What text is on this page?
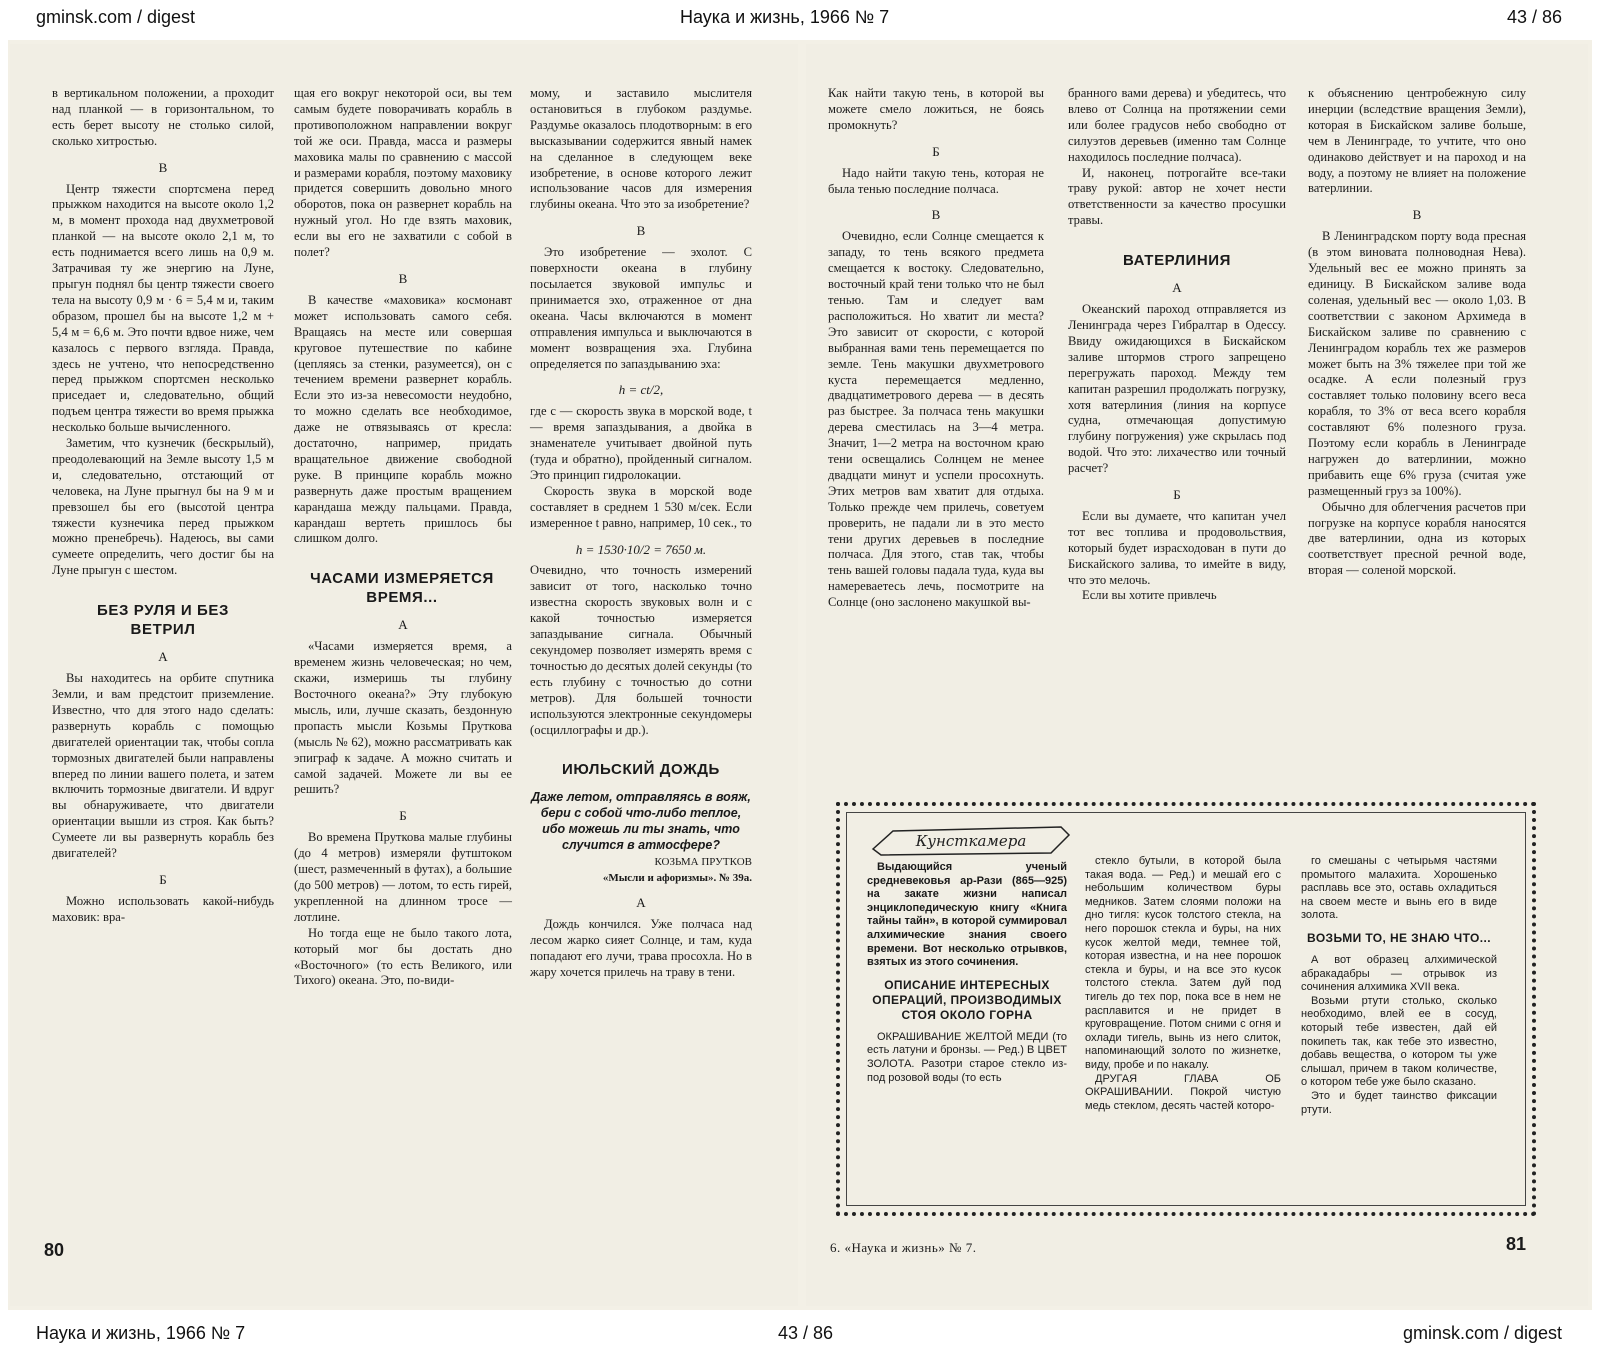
gminsk.com / digest	Наука и жизнь, 1966 № 7	43 / 86

в вертикальном положении, а проходит над планкой — в горизонтальном, то есть берет высоту не столько силой, сколько хитростью.

В

Центр тяжести спортсмена перед прыжком находится на высоте около 1,2 м, в момент прохода над двухметровой планкой — на высоте около 2,1 м, то есть поднимается всего лишь на 0,9 м. Затрачивая ту же энергию на Луне, прыгун поднял бы центр тяжести своего тела на высоту 0,9 м · 6 = 5,4 м и, таким образом, прошел бы на высоте 1,2 м + 5,4 м = 6,6 м. Это почти вдвое ниже, чем казалось с первого взгляда. Правда, здесь не учтено, что непосредственно перед прыжком спортсмен несколько приседает и, следовательно, общий подъем центра тяжести во время прыжка несколько больше вычисленного.

Заметим, что кузнечик (бескрылый), преодолевающий на Земле высоту 1,5 м и, следовательно, отстающий от человека, на Луне прыгнул бы на 9 м и превзошел бы его (высотой центра тяжести кузнечика перед прыжком можно пренебречь). Надеюсь, вы сами сумеете определить, чего достиг бы на Луне прыгун с шестом.

БЕЗ РУЛЯ И БЕЗ ВЕТРИЛ
А

Вы находитесь на орбите спутника Земли, и вам предстоит приземление. Известно, что для этого надо сделать: развернуть корабль с помощью двигателей ориентации так, чтобы сопла тормозных двигателей были направлены вперед по линии вашего полета, и затем включить тормозные двигатели. И вдруг вы обнаруживаете, что двигатели ориентации вышли из строя. Как быть? Сумеете ли вы развернуть корабль без двигателей?

Б

Можно использовать какой-нибудь маховик: вра-

щая его вокруг некоторой оси, вы тем самым будете поворачивать корабль в противоположном направлении вокруг той же оси. Правда, масса и размеры маховика малы по сравнению с массой и размерами корабля, поэтому маховику придется совершить довольно много оборотов, пока он развернет корабль на нужный угол. Но где взять маховик, если вы его не захватили с собой в полет?

В

В качестве «маховика» космонавт может использовать самого себя. Вращаясь на месте или совершая круговое путешествие по кабине (цепляясь за стенки, разумеется), он с течением времени развернет корабль. Если это из-за невесомости неудобно, то можно сделать все необходимое, даже не отвязываясь от кресла: достаточно, например, придать вращательное движение свободной руке. В принципе корабль можно развернуть даже простым вращением карандаша между пальцами. Правда, карандаш вертеть пришлось бы слишком долго.

ЧАСАМИ ИЗМЕРЯЕТСЯ ВРЕМЯ...
А

«Часами измеряется время, а временем жизнь человеческая; но чем, скажи, измеришь ты глубину Восточного океана?» Эту глубокую мысль, или, лучше сказать, бездонную пропасть мысли Козьмы Пруткова (мысль № 62), можно рассматривать как эпиграф к задаче. А можно считать и самой задачей. Можете ли вы ее решить?

Б

Во времена Пруткова малые глубины (до 4 метров) измеряли футштоком (шест, размеченный в футах), а большие (до 500 метров) — лотом, то есть гирей, укрепленной на длинном тросе — лотлине.

Но тогда еще не было такого лота, который мог бы достать дно «Восточного» (то есть Великого, или Тихого) океана. Это, по-види-

мому, и заставило мыслителя остановиться в глубоком раздумье. Раздумье оказалось плодотворным: в его высказывании содержится явный намек на сделанное в следующем веке изобретение, в основе которого лежит использование часов для измерения глубины океана. Что это за изобретение?

В

Это изобретение — эхолот. С поверхности океана в глубину посылается звуковой импульс и принимается эхо, отраженное от дна океана. Часы включаются в момент отправления импульса и выключаются в момент возвращения эха. Глубина определяется по запаздыванию эха:

h = ct/2,

где c — скорость звука в морской воде, t — время запаздывания, а двойка в знаменателе учитывает двойной путь (туда и обратно), пройденный сигналом. Это принцип гидролокации.

Скорость звука в морской воде составляет в среднем 1 530 м/сек. Если измеренное t равно, например, 10 сек., то

h = 1530·10/2 = 7650 м.

Очевидно, что точность измерений зависит от того, насколько точно известна скорость звуковых волн и с какой точностью измеряется запаздывание сигнала. Обычный секундомер позволяет измерять время с точностью до десятых долей секунды (то есть глубину с точностью до сотни метров). Для большей точности используются электронные секундомеры (осциллографы и др.).

ИЮЛЬСКИЙ ДОЖДЬ
Даже летом, отправляясь в вояж, бери с собой что-либо теплое, ибо можешь ли ты знать, что случится в атмосфере?
КОЗЬМА ПРУТКОВ
«Мысли и афоризмы». № 39а.
А

Дождь кончился. Уже полчаса над лесом жарко сияет Солнце, и там, куда попадают его лучи, трава просохла. Но в жару хочется прилечь на траву в тени.

80

Как найти такую тень, в которой вы можете смело ложиться, не боясь промокнуть?

Б

Надо найти такую тень, которая не была тенью последние полчаса.

В

Очевидно, если Солнце смещается к западу, то тень всякого предмета смещается к востоку. Следовательно, восточный край тени только что не был тенью. Там и следует вам расположиться. Но хватит ли места? Это зависит от скорости, с которой выбранная вами тень перемещается по земле. Тень макушки двухметрового куста перемещается медленно, двадцатиметрового дерева — в десять раз быстрее. За полчаса тень макушки дерева сместилась на 3—4 метра. Значит, 1—2 метра на восточном краю тени освещались Солнцем не менее двадцати минут и успели просохнуть. Этих метров вам хватит для отдыха. Только прежде чем прилечь, советуем проверить, не падали ли в это место тени других деревьев в последние полчаса. Для этого, став так, чтобы тень вашей головы падала туда, куда вы намереваетесь лечь, посмотрите на Солнце (оно заслонено макушкой вы-

бранного вами дерева) и убедитесь, что влево от Солнца на протяжении семи или более градусов небо свободно от силуэтов деревьев (именно там Солнце находилось последние полчаса).

И, наконец, потрогайте все-таки траву рукой: автор не хочет нести ответственности за качество просушки травы.

ВАТЕРЛИНИЯ
А

Океанский пароход отправляется из Ленинграда через Гибралтар в Одессу. Ввиду ожидающихся в Бискайском заливе штормов строго запрещено перегружать пароход. Между тем капитан разрешил продолжать погрузку, хотя ватерлиния (линия на корпусе судна, отмечающая допустимую глубину погружения) уже скрылась под водой. Что это: лихачество или точный расчет?

Б

Если вы думаете, что капитан учел тот вес топлива и продовольствия, который будет израсходован в пути до Бискайского залива, то имейте в виду, что это мелочь.

Если вы хотите привлечь

к объяснению центробежную силу инерции (вследствие вращения Земли), которая в Бискайском заливе больше, чем в Ленинграде, то учтите, что оно одинаково действует и на пароход и на воду, а поэтому не влияет на положение ватерлинии.

В

В Ленинградском порту вода пресная (в этом виновата полноводная Нева). Удельный вес ее можно принять за единицу. В Бискайском заливе вода соленая, удельный вес — около 1,03. В соответствии с законом Архимеда в Бискайском заливе по сравнению с Ленинградом корабль тех же размеров может быть на 3% тяжелее при той же осадке. А если полезный груз составляет только половину всего веса корабля, то 3% от веса всего корабля составляют 6% полезного груза. Поэтому если корабль в Ленинграде нагружен до ватерлинии, можно прибавить еще 6% груза (считая уже размещенный груз за 100%).

Обычно для облегчения расчетов при погрузке на корпусе корабля наносятся две ватерлинии, одна из которых соответствует пресной речной воде, вторая — соленой морской.

Кунсткамера

Выдающийся ученый средневековья ар-Рази (865—925) на закате жизни написал энциклопедическую книгу «Книга тайны тайн», в которой суммировал алхимические знания своего времени. Вот несколько отрывков, взятых из этого сочинения.

ОПИСАНИЕ ИНТЕРЕСНЫХ ОПЕРАЦИЙ, ПРОИЗВОДИМЫХ СТОЯ ОКОЛО ГОРНА

ОКРАШИВАНИЕ ЖЕЛТОЙ МЕДИ (то есть латуни и бронзы. — Ред.) В ЦВЕТ ЗОЛОТА. Разотри старое стекло из-под розовой воды (то есть

стекло бутыли, в которой была такая вода. — Ред.) и мешай его с небольшим количеством буры медников. Затем слоями положи на дно тигля: кусок толстого стекла, на него порошок стекла и буры, на них кусок желтой меди, темнее той, которая известна, и на нее порошок стекла и буры, и на все это кусок толстого стекла. Затем дуй под тигель до тех пор, пока все в нем не расплавится и не придет в круговращение. Потом сними с огня и охлади тигель, вынь из него слиток, напоминающий золото по жизнетке, виду, пробе и по накалу.

ДРУГАЯ ГЛАВА ОБ ОКРАШИВАНИИ. Покрой чистую медь стеклом, десять частей которо-

го смешаны с четырьмя частями промытого малахита. Хорошенько расплавь все это, оставь охладиться на своем месте и вынь его в виде золота.

ВОЗЬМИ ТО, НЕ ЗНАЮ ЧТО...

А вот образец алхимической абракадабры — отрывок из сочинения алхимика XVII века.

Возьми ртути столько, сколько необходимо, влей ее в сосуд, который тебе известен, дай ей покипеть так, как тебе это известно, добавь вещества, о котором ты уже слышал, причем в таком количестве, о котором тебе уже было сказано.

Это и будет таинство фиксации ртути.

6. «Наука и жизнь» № 7.	81
Наука и жизнь, 1966 № 7	43 / 86	gminsk.com / digest
